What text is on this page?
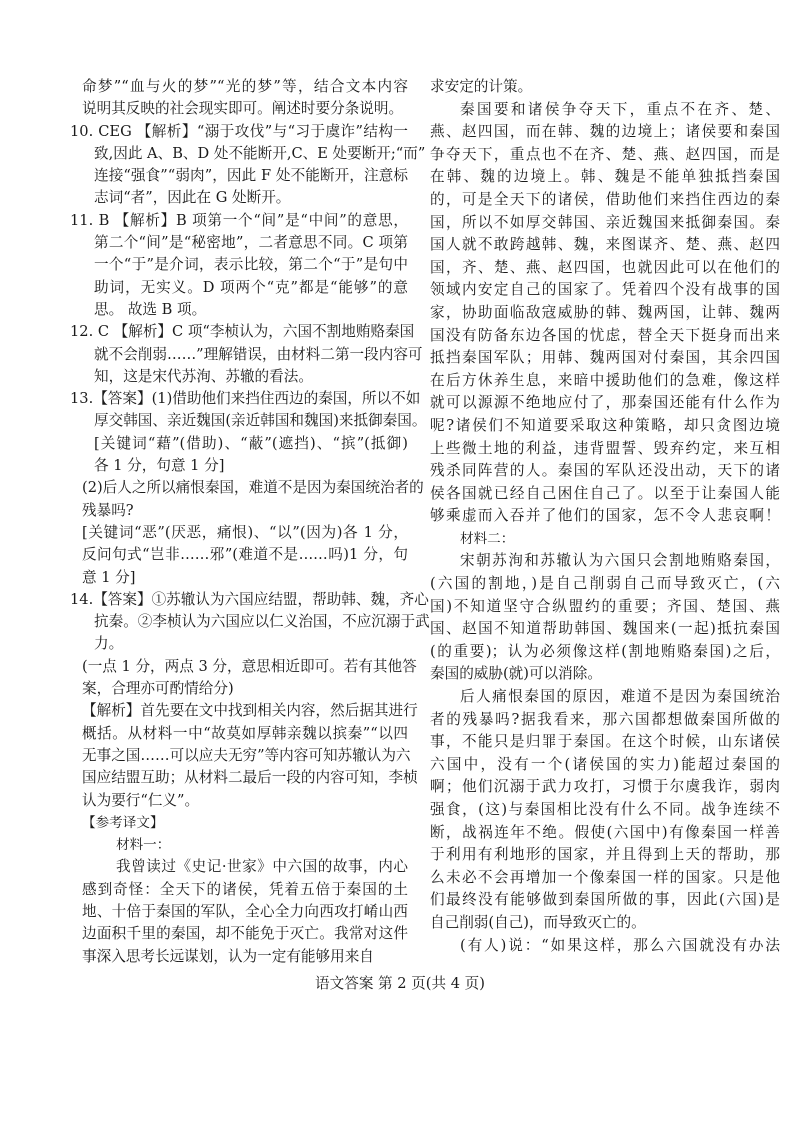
命梦”“血与火的梦”“光的梦”等，结合文本内容
说明其反映的社会现实即可。阐述时要分条说明。
10. CEG 【解析】“溺于攻伐”与“习于虞诈”结构一
致,因此 A、B、D 处不能断开,C、E 处要断开;“而”
连接“强食”“弱肉”，因此 F 处不能断开，注意标
志词“者”，因此在 G 处断开。
11. B 【解析】B 项第一个“间”是“中间”的意思，
第二个“间”是“秘密地”，二者意思不同。C 项第
一个“于”是介词，表示比较，第二个“于”是句中
助词，无实义。D 项两个“克”都是“能够”的意
思。 故选 B 项。
12. C 【解析】C 项“李桢认为，六国不割地贿赂秦国
就不会削弱……”理解错误，由材料二第一段内容可
知，这是宋代苏洵、苏辙的看法。
13.【答案】(1)借助他们来挡住西边的秦国，所以不如
厚交韩国、亲近魏国(亲近韩国和魏国)来抵御秦国。
[关键词“藉”(借助)、“蔽”(遮挡)、“摈”(抵御)
各 1 分，句意 1 分]
(2)后人之所以痛恨秦国，难道不是因为秦国统治者的
残暴吗?
[关键词“恶”(厌恶，痛恨)、“以”(因为)各 1 分，
反问句式“岂非……邪”(难道不是……吗)1 分，句
意 1 分]
14.【答案】①苏辙认为六国应结盟，帮助韩、魏，齐心
抗秦。②李桢认为六国应以仁义治国，不应沉溺于武
力。
(一点 1 分，两点 3 分，意思相近即可。若有其他答
案，合理亦可酌情给分)
【解析】首先要在文中找到相关内容，然后据其进行
概括。从材料一中“故莫如厚韩亲魏以摈秦”“以四
无事之国……可以应夫无穷”等内容可知苏辙认为六
国应结盟互助；从材料二最后一段的内容可知，李桢
认为要行“仁义”。
【参考译文】
材料一：
我曾读过《史记·世家》中六国的故事，内心
感到奇怪：全天下的诸侯，凭着五倍于秦国的土
地、十倍于秦国的军队，全心全力向西攻打崤山西
边面积千里的秦国，却不能免于灭亡。我常对这件
事深入思考长远谋划，认为一定有能够用来自
求安定的计策。
秦国要和诸侯争夺天下，重点不在齐、楚、
燕、赵四国，而在韩、魏的边境上；诸侯要和秦国
争夺天下，重点也不在齐、楚、燕、赵四国，而是
在韩、魏的边境上。韩、魏是不能单独抵挡秦国
的，可是全天下的诸侯，借助他们来挡住西边的秦
国，所以不如厚交韩国、亲近魏国来抵御秦国。秦
国人就不敢跨越韩、魏，来图谋齐、楚、燕、赵四
国，齐、楚、燕、赵四国，也就因此可以在他们的
领域内安定自己的国家了。凭着四个没有战事的国
家，协助面临敌寇威胁的韩、魏两国，让韩、魏两
国没有防备东边各国的忧虑，替全天下挺身而出来
抵挡秦国军队；用韩、魏两国对付秦国，其余四国
在后方休养生息，来暗中援助他们的急难，像这样
就可以源源不绝地应付了，那秦国还能有什么作为
呢?诸侯们不知道要采取这种策略，却只贪图边境
上些微土地的利益，违背盟誓、毁弃约定，来互相
残杀同阵营的人。秦国的军队还没出动，天下的诸
侯各国就已经自己困住自己了。以至于让秦国人能
够乘虚而入吞并了他们的国家，怎不令人悲哀啊！
材料二：
宋朝苏洵和苏辙认为六国只会割地贿赂秦国，
(六国的割地，)是自己削弱自己而导致灭亡，(六
国)不知道坚守合纵盟约的重要；齐国、楚国、燕
国、赵国不知道帮助韩国、魏国来(一起)抵抗秦国
(的重要)；认为必须像这样(割地贿赂秦国)之后，
秦国的威胁(就)可以消除。
后人痛恨秦国的原因，难道不是因为秦国统治
者的残暴吗?据我看来，那六国都想做秦国所做的
事，不能只是归罪于秦国。在这个时候，山东诸侯
六国中，没有一个(诸侯国的实力)能超过秦国的
啊；他们沉溺于武力攻打，习惯于尔虞我诈，弱肉
强食，(这)与秦国相比没有什么不同。战争连续不
断，战祸连年不绝。假使(六国中)有像秦国一样善
于利用有利地形的国家，并且得到上天的帮助，那
么未必不会再增加一个像秦国一样的国家。只是他
们最终没有能够做到秦国所做的事，因此(六国)是
自己削弱(自己)，而导致灭亡的。
(有人)说：“如果这样，那么六国就没有办法
语文答案 第 2 页(共 4 页)
